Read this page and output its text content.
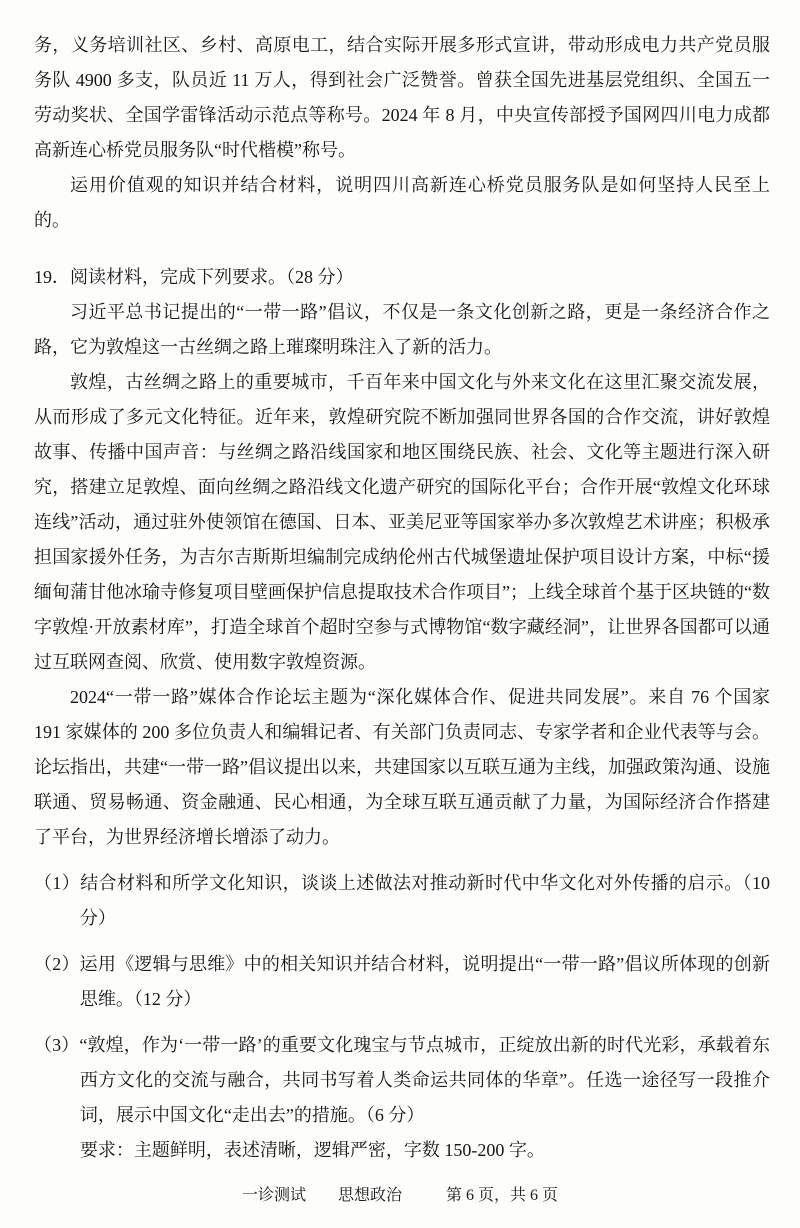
务，义务培训社区、乡村、高原电工，结合实际开展多形式宣讲，带动形成电力共产党员服务队 4900 多支，队员近 11 万人，得到社会广泛赞誉。曾获全国先进基层党组织、全国五一劳动奖状、全国学雷锋活动示范点等称号。2024 年 8 月，中央宣传部授予国网四川电力成都高新连心桥党员服务队“时代楷模”称号。

运用价值观的知识并结合材料，说明四川高新连心桥党员服务队是如何坚持人民至上的。

19．阅读材料，完成下列要求。（28 分）

习近平总书记提出的“一带一路”倡议，不仅是一条文化创新之路，更是一条经济合作之路，它为敦煌这一古丝绸之路上璀璨明珠注入了新的活力。

敦煌，古丝绸之路上的重要城市，千百年来中国文化与外来文化在这里汇聚交流发展，从而形成了多元文化特征。近年来，敦煌研究院不断加强同世界各国的合作交流，讲好敦煌故事、传播中国声音：与丝绸之路沿线国家和地区围绕民族、社会、文化等主题进行深入研究，搭建立足敦煌、面向丝绸之路沿线文化遗产研究的国际化平台；合作开展“敦煌文化环球连线”活动，通过驻外使领馆在德国、日本、亚美尼亚等国家举办多次敦煌艺术讲座；积极承担国家援外任务，为吉尔吉斯斯坦编制完成纳伦州古代城堡遗址保护项目设计方案，中标“援缅甸蒲甘他冰瑜寺修复项目壁画保护信息提取技术合作项目”；上线全球首个基于区块链的“数字敦煌·开放素材库”，打造全球首个超时空参与式博物馆“数字藏经洞”，让世界各国都可以通过互联网查阅、欣赏、使用数字敦煌资源。

2024“一带一路”媒体合作论坛主题为“深化媒体合作、促进共同发展”。来自 76 个国家 191 家媒体的 200 多位负责人和编辑记者、有关部门负责同志、专家学者和企业代表等与会。论坛指出，共建“一带一路”倡议提出以来，共建国家以互联互通为主线，加强政策沟通、设施联通、贸易畅通、资金融通、民心相通，为全球互联互通贡献了力量，为国际经济合作搭建了平台，为世界经济增长增添了动力。

（1）结合材料和所学文化知识，谈谈上述做法对推动新时代中华文化对外传播的启示。（10 分）

（2）运用《逻辑与思维》中的相关知识并结合材料，说明提出“一带一路”倡议所体现的创新思维。（12 分）

（3）“敦煌，作为‘一带一路’的重要文化瑰宝与节点城市，正绽放出新的时代光彩，承载着东西方文化的交流与融合，共同书写着人类命运共同体的华章”。任选一途径写一段推介词，展示中国文化“走出去”的措施。（6 分）

要求：主题鲜明，表述清晰，逻辑严密，字数 150-200 字。

一诊测试 思想政治	第 6 页，共 6 页
